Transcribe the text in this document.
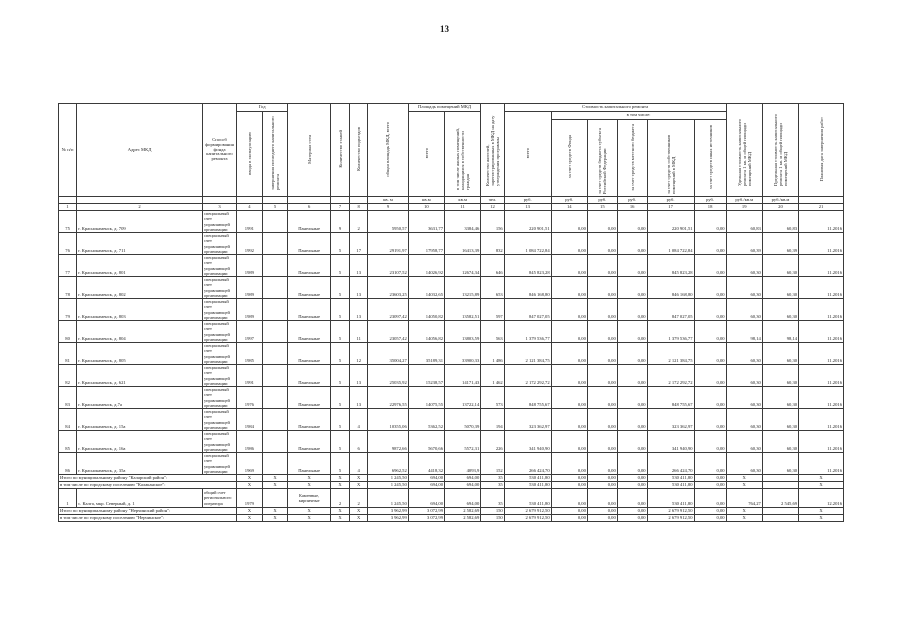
13
№ п/п	Адрес МКД	Способ формирования фонда капитального ремонта	Год		Материал стен	Количество этажей	Количество подъездов	общая площадь МКД, всего	Площадь помещений МКД		Количество жителей, зарегистрированных в МКД на дату утверждения программы	Стоимость капитального ремонта						Удельная стоимость капитального ремонта 1 кв. м общей площади помещений МКД	Предельная стоимость капитального ремонта 1 кв. м общей площади помещений МКД	Плановая дата завершения работ
			ввода в эксплуатацию	завершения последнего капитального ремонта					всего	в том числе жилых помещений, находящихся в собственности граждан		всего	в том числе:							
													за счет средств Фонда	за счет средств бюджета субъекта Российской Федерации	за счет средств местного бюджета	за счет средств собственников помещений в МКД	за счет средств иных источников			
								кв. м	кв.м	кв.м	чел.	руб.	руб.	руб.	руб.	руб.	руб.	руб./кв.м	руб./кв.м	
1	2	3	4	5	6	7	8	9	10	11	12	13	14	15	16	17	18	19	20	21
75	г. Краснокаменск, д. 709	специальный счет управляющей организации	1991		Панельные	9	2	5950,57	3631,77	3384,46	156	220 901,51	0,00	0,00	0,00	220 901,51	0,00	60,83	60,83	11.2016
76	г. Краснокаменск, д. 711	специальный счет управляющей организации	1992		Панельные	5	17	29191,97	17958,77	16413,39	832	1 084 722,84	0,00	0,00	0,00	1 084 722,84	0,00	60,39	60,39	11.2016
77	г. Краснокаменск, д. 801	специальный счет управляющей организации	1989		Панельные	5	13	23107,52	14026,92	12674,34	646	845 823,28	0,00	0,00	0,00	845 823,28	0,00	60,30	60,30	11.2016
78	г. Краснокаменск, д. 802	специальный счет управляющей организации	1989		Панельные	5	13	23603,25	14032,65	13215,89	653	846 168,80	0,00	0,00	0,00	846 168,80	0,00	60,30	60,30	11.2016
79	г. Краснокаменск, д. 803	специальный счет управляющей организации	1989		Панельные	5	13	23097,42	14050,82	13582,51	597	847 027,05	0,00	0,00	0,00	847 027,05	0,00	60,30	60,30	11.2016
80	г. Краснокаменск, д. 804	специальный счет управляющей организации	1997		Панельные	5	11	23057,42	14056,82	13803,59	563	1 379 536,77	0,00	0,00	0,00	1 379 536,77	0,00	98,14	98,14	11.2016
81	г. Краснокаменск, д. 805	специальный счет управляющей организации	1985		Панельные	5	12	35004,27	35189,31	33900,33	1 486	2 121 384,75	0,00	0,00	0,00	2 121 384,75	0,00	60,30	60,30	11.2016
82	г. Краснокаменск, д. 621	специальный счет управляющей организации	1991		Панельные	5	13	25035,92	15238,57	14171,43	1 462	2 172 292,72	0,00	0,00	0,00	2 172 292,72	0,00	60,30	60,30	11.2016
83	г. Краснокаменск, д.7а	специальный счет управляющей организации	1976		Панельные	5	13	22976,55	14075,55	13722,14	573	848 755,67	0,00	0,00	0,00	848 755,67	0,00	60,30	60,30	11.2016
84	г. Краснокаменск, д. 15а	специальный счет управляющей организации	1984		Панельные	5	4	10355,06	5362,52	5070,39	194	323 362,97	0,00	0,00	0,00	323 362,97	0,00	60,30	60,30	11.2016
85	г. Краснокаменск, д. 16а	специальный счет управляющей организации	1986		Панельные	5	6	9872,66	5670,66	5572,31	226	341 940,90	0,00	0,00	0,00	341 940,90	0,00	60,30	60,30	11.2016
86	г. Краснокаменск, д. 35а	специальный счет управляющей организации	1969		Панельные	5	4	6962,52	4418,32	4093,9	152	266 424,70	0,00	0,00	0,00	266 424,70	0,00	60,30	60,30	11.2016
Итого по муниципальному району "Каларский район":			X	X	X	X	X	1 245,50	694,00	694,00	35	530 411,80	0,00	0,00	0,00	530 411,80	0,00	X		X
в том числе по городскому поселению "Калаканское":			X	X	X	X	X	1 245,50	694,00	694,00	35	530 411,80	0,00	0,00	0,00	530 411,80	0,00	X		X
1	с. Калга, мкр. Северный, д. 1	общий счет регионального оператора	1979		Каменные, кирпичные	2	2	1 245,50	694,00	694,00	35	530 411,80	0,00	0,00	0,00	530 411,80	0,00	764,27	2 545,69	12.2016
Итого по муниципальному району "Нерчинский район":			X	X	X	X	X	3 962,99	3 072,99	2 582,69	150	2 679 912,50	0,00	0,00	0,00	2 679 912,50	0,00	X		X
в том числе по городскому поселению "Нерчинское":			X	X	X	X	X	3 962,99	3 072,99	2 582,69	150	2 679 912,50	0,00	0,00	0,00	2 679 912,50	0,00	X		X
